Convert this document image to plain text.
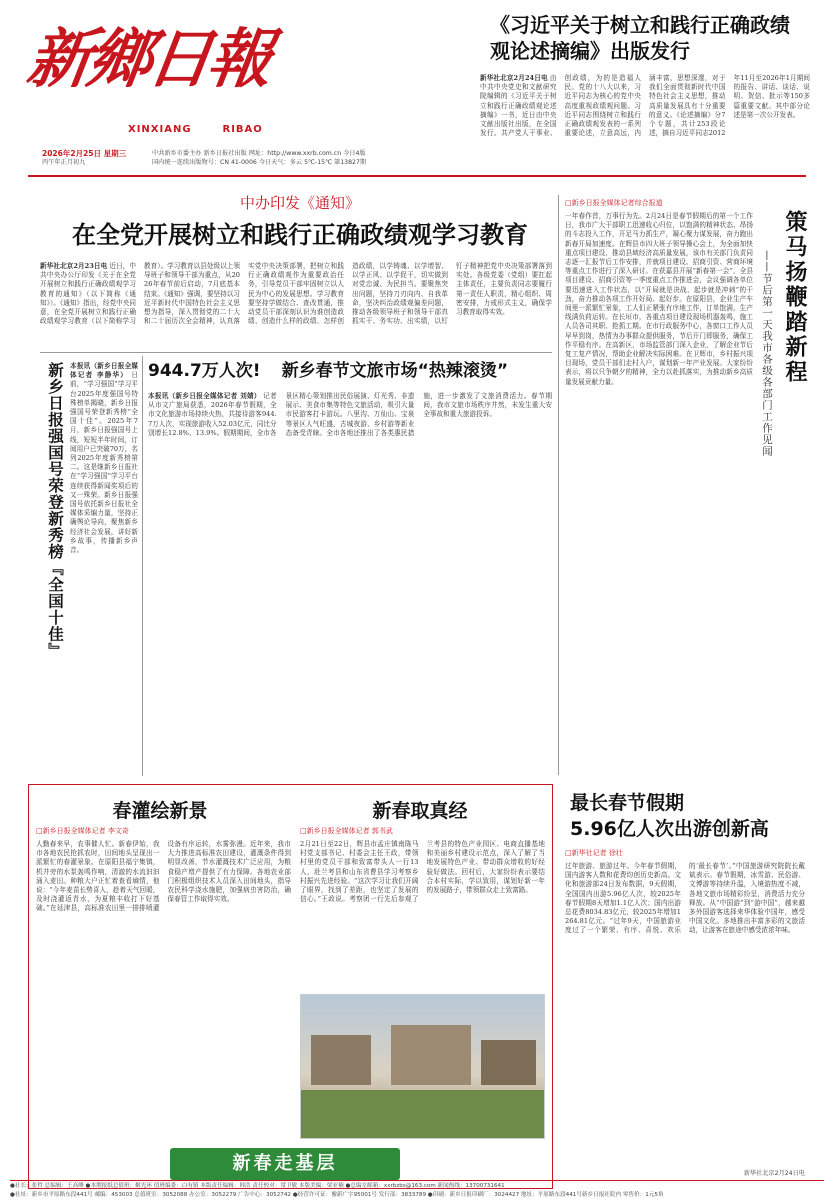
新鄉日報
XINXIANG	RIBAO
2026年2月25日 星期三
丙午年正月初九
中共新乡市委主办 新乡日报社出版 网址：http://www.xxrb.com.cn 今日4版
国内统一连续出版物号：CN 41-0006 今日天气：多云 5℃-15℃ 第13827期
《习近平关于树立和践行正确政绩观论述摘编》出版发行
新华社北京2月24日电 由中共中央党史和文献研究院编辑的《习近平关于树立和践行正确政绩观论述摘编》一书，近日由中央文献出版社出版，在全国发行。共产党人干事业、创政绩，为的是造福人民。党的十八大以来，习近平同志为核心的党中央高度重视政绩观问题。习近平同志围绕树立和践行正确政绩观发表的一系列重要论述，立意高远，内涵丰富，思想深邃，对于我们全面贯彻新时代中国特色社会主义思想，推动高质量发展具有十分重要的意义。《论述摘编》分7个专题，共计253段论述，摘自习近平同志2012年11月至2026年1月期间的报告、讲话、谈话、说明、贺信、批示等150多篇重要文献。其中部分论述是第一次公开发表。
中办印发《通知》
在全党开展树立和践行正确政绩观学习教育
新华社北京2月23日电 近日，中共中央办公厅印发《关于在全党开展树立和践行正确政绩观学习教育的通知》（以下简称《通知》）。《通知》指出，经党中央同意，在全党开展树立和践行正确政绩观学习教育（以下简称学习教育）。学习教育以县处级以上领导班子和领导干部为重点，从2026年春节前后启动，7月底基本结束。《通知》强调，要坚持以习近平新时代中国特色社会主义思想为指导，深入贯彻党的二十大和二十届历次全会精神，认真落实党中央决策部署，把树立和践行正确政绩观作为重要政治任务，引导党员干部牢固树立以人民为中心的发展思想。学习教育要坚持学做结合、查改贯通，推动党员干部深刻认识为谁创造政绩、创造什么样的政绩、怎样创造政绩，以学铸魂、以学增智、以学正风、以学促干，切实做到对党忠诚、为民担当。要聚焦突出问题，坚持刀刃向内、自我革命，坚决纠治政绩观偏差问题，推动各级领导班子和领导干部真抓实干、务实功、出实绩，以钉钉子精神把党中央决策部署落到实处。各级党委（党组）要扛起主体责任，主要负责同志要履行第一责任人职责，精心组织、周密安排，力戒形式主义，确保学习教育取得实效。
□新乡日报全媒体记者综合报道
策马扬鞭踏新程
——节后第一天我市各级各部门工作见闻
一年春作首，万事行为先。2月24日是春节假期后的第一个工作日，我市广大干部职工迅速收心归位，以饱满的精神状态、昂扬的斗志投入工作，开足马力抓生产，凝心聚力谋发展，奋力跑出新春开局加速度。在辉县市四大班子领导操心会上，为全面加快重点项目建设、推动县域经济高质量发展，该市有关部门负责同志逐一汇报节后工作安排，并就项目建设、招商引资、营商环境等重点工作进行了深入研讨。在获嘉县开展“新春第一会”，全县项目建设、招商引资等一季度重点工作推进会，会议强调各单位要迅速进入工作状态，以“开局就是决战、起步就是冲刺”的干劲，奋力推动各项工作开好局、起好步。在原阳县，企业生产车间里一派繁忙景象，工人们正紧张有序地工作，订单饱满，生产线满负荷运转。在长垣市，各重点项目建设现场机器轰鸣，施工人员各司其职、抢抓工期。在市行政服务中心，各窗口工作人员早早到岗，热情为办事群众提供服务，节后开门即服务，确保工作平稳有序。在高新区，市场监管部门深入企业，了解企业节后复工复产情况，帮助企业解决实际困难。在卫辉市，乡村振兴项目现场，党员干部们走村入户，谋划新一年产业发展。大家纷纷表示，将以只争朝夕的精神，全力以赴抓落实，为推动新乡高质量发展贡献力量。
944.7万人次! 新乡春节文旅市场“热辣滚烫”
本报讯（新乡日报全媒体记者 刘婧） 记者从市文广旅局获悉，2026年春节假期，全市文化旅游市场持续火热，共接待游客944.7万人次，实现旅游收入52.03亿元，同比分别增长12.8%、13.9%。假期期间，全市各景区精心策划推出民俗展演、灯光秀、非遗展示、美食市集等特色文旅活动，吸引大量市民游客打卡游玩。八里沟、万仙山、宝泉等景区人气旺盛，古城夜游、乡村游等新业态备受青睐。全市各地还推出了各类惠民措施，进一步激发了文旅消费活力。春节期间，我市文旅市场秩序井然，未发生重大安全事故和重大旅游投诉。
新乡日报强国号荣登新秀榜『全国十佳』 本报讯（新乡日报全媒体记者 李静华） 日前，“学习强国”学习平台2025年度强国号特殊榜单揭晓，新乡日报强国号荣登新秀榜“全国十佳”。2025年7月，新乡日报强国号上线，短短半年时间，订阅用户已突破70万，名列2025年度新秀榜第二。这是继新乡日报社在“学习强国”学习平台连续获得新闻奖项后的又一殊荣。新乡日报强国号依托新乡日报社全媒体采编力量，坚持正确舆论导向，聚焦新乡经济社会发展，讲好新乡故事，传播新乡声音。
春灌绘新景
□新乡日报全媒体记者 李文奇
人勤春来早，农事催人忙。新春伊始，我市各地农民抢抓农时，田间地头呈现出一派繁忙的春灌景象。在原阳县福宁集镇，机井旁的水泵轰鸣作响，清澈的水流汩汩涌入麦田。种粮大户正忙着查看墒情，他说：“今年麦苗长势喜人，趁着天气回暖，及时浇灌返青水，为夏粮丰收打下好基础。”在延津县，高标准农田里一排排喷灌设备有序运转，水雾弥漫。近年来，我市大力推进高标准农田建设，灌溉条件得到明显改善，节水灌溉技术广泛应用，为粮食稳产增产提供了有力保障。各地农业部门积极组织技术人员深入田间地头，指导农民科学浇水施肥，加强病虫害防治，确保春管工作取得实效。
新春取真经
□新乡日报全媒体记者 郭书武
2月21日至22日，辉县市孟庄镇南陈马村党支部书记、村委会主任王政，带领村里的党员干部和致富带头人一行13人，赴兰考县和山东省曹县学习考察乡村振兴先进经验。“这次学习让我们开阔了眼界，找到了差距，也坚定了发展的信心。”王政说。考察团一行先后参观了兰考县的特色产业园区、电商直播基地和美丽乡村建设示范点，深入了解了当地发展特色产业、带动群众增收的好经验好做法。回村后，大家纷纷表示要结合本村实际，学以致用，谋划好新一年的发展路子，带领群众走上致富路。
新春走基层
最长春节假期
5.96亿人次出游创新高
□新华社记者 徐壮
过年旅游、旅游过年。今年春节假期，国内游客人数和花费均创历史新高。文化和旅游部24日发布数据，9天假期，全国国内出游5.96亿人次，较2025年春节假期8天增加1.1亿人次；国内出游总花费8034.83亿元，较2025年增加1264.81亿元。“过年9天，中国旅游业度过了一个繁荣、有序、喜悦、欢乐的‘最长春节’。”中国旅游研究院院长戴斌表示。春节假期，冰雪游、民俗游、文博游等持续升温，入境游热度不减，各地文旅市场精彩纷呈，消费活力充分释放。从“中国游”到“游中国”，越来越多外国游客选择来华体验中国年，感受中国文化。多地推出丰富多彩的文旅活动，让游客在旅途中感受浓浓年味。
新华社北京2月24日电
●社长：张哲 总编辑：王高峰 ●本期报纸总值班：姬光环 值班编委：白有镇 本版责任编辑：韩浩 责任校对：常卫敏 本版美编：梁亚楠 ●总编室邮箱：xxrbzbs@163.com 新闻热线：13700731641
●社址：新乡市平原路东段441号 邮编：453003 总值班室：3052088 办公室：3052279 广告中心：3052742 ●经营许可证：豫新广字95001号 发行部：3833789 ●印刷：新乡日报印刷厂：3024427 地址：平原路东段441号新乡日报社院内 零售价：1元5角
